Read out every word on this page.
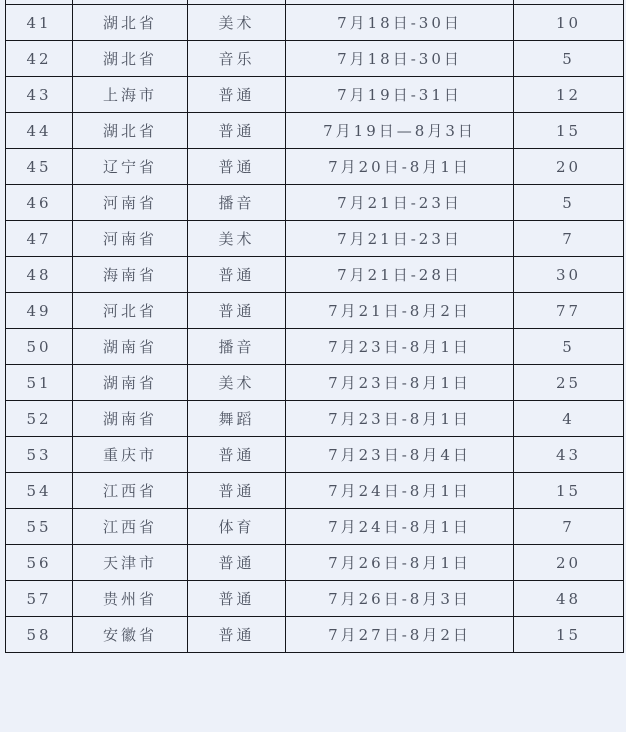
41	湖北省	美术	7月18日-30日	10
42	湖北省	音乐	7月18日-30日	5
43	上海市	普通	7月19日-31日	12
44	湖北省	普通	7月19日—8月3日	15
45	辽宁省	普通	7月20日-8月1日	20
46	河南省	播音	7月21日-23日	5
47	河南省	美术	7月21日-23日	7
48	海南省	普通	7月21日-28日	30
49	河北省	普通	7月21日-8月2日	77
50	湖南省	播音	7月23日-8月1日	5
51	湖南省	美术	7月23日-8月1日	25
52	湖南省	舞蹈	7月23日-8月1日	4
53	重庆市	普通	7月23日-8月4日	43
54	江西省	普通	7月24日-8月1日	15
55	江西省	体育	7月24日-8月1日	7
56	天津市	普通	7月26日-8月1日	20
57	贵州省	普通	7月26日-8月3日	48
58	安徽省	普通	7月27日-8月2日	15
